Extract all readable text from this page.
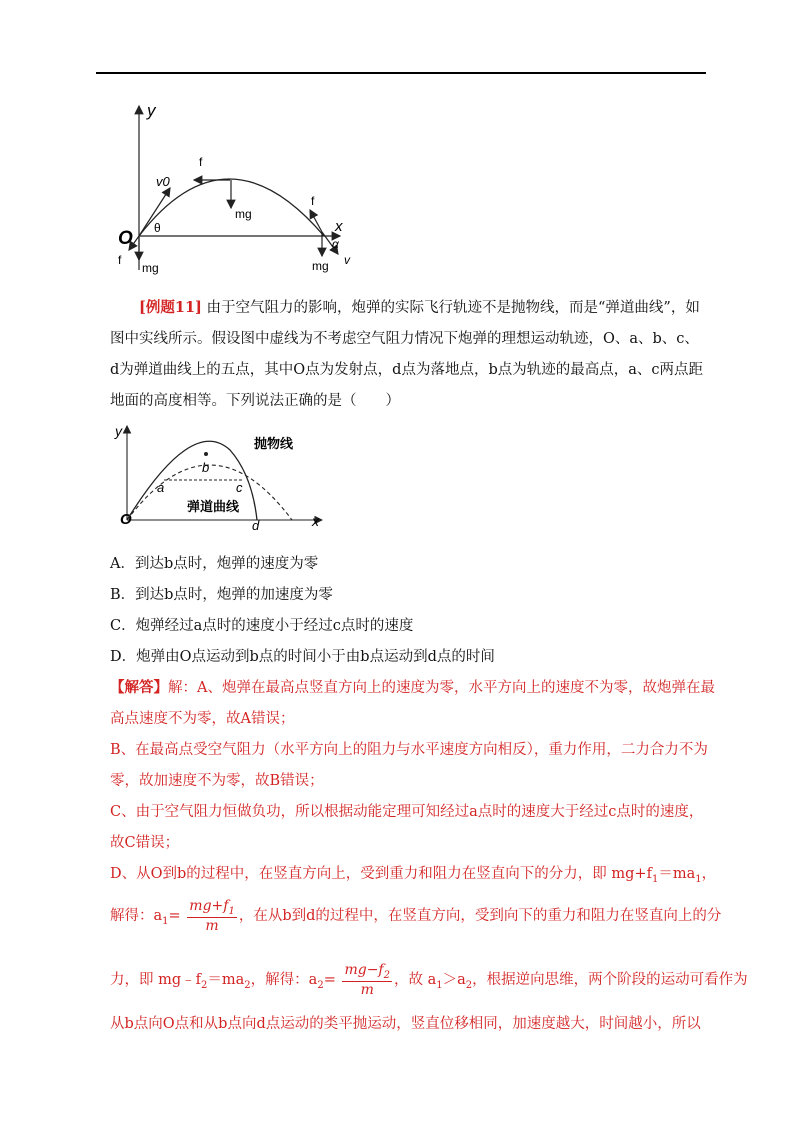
y
x
O
v0
θ
f
mg
f
mg
f
mg v
α
[例题11] 由于空气阻力的影响，炮弹的实际飞行轨迹不是抛物线，而是“弹道曲线”，如图中实线所示。假设图中虚线为不考虑空气阻力情况下炮弹的理想运动轨迹，O、a、b、c、d为弹道曲线上的五点，其中O点为发射点，d点为落地点，b点为轨迹的最高点，a、c两点距地面的高度相等。下列说法正确的是（　　）
y
x
O
b
a	c
d
抛物线
弹道曲线
A．到达b点时，炮弹的速度为零
B．到达b点时，炮弹的加速度为零
C．炮弹经过a点时的速度小于经过c点时的速度
D．炮弹由O点运动到b点的时间小于由b点运动到d点的时间
【解答】解：A、炮弹在最高点竖直方向上的速度为零，水平方向上的速度不为零，故炮弹在最
高点速度不为零，故A错误；
B、在最高点受空气阻力（水平方向上的阻力与水平速度方向相反），重力作用，二力合力不为
零，故加速度不为零，故B错误；
C、由于空气阻力恒做负功，所以根据动能定理可知经过a点时的速度大于经过c点时的速度，
故C错误；
D、从O到b的过程中，在竖直方向上，受到重力和阻力在竖直向下的分力，即 $mg+f_1=ma_1$，
解得：$a_1= \frac{mg+f_1}{m}$ ，在从b到d的过程中，在竖直方向，受到向下的重力和阻力在竖直向上的分
力，即 $mg﹣f_2=ma_2$，解得：$a_2= \frac{mg-f_2}{m}$ ，故 $a_1>a_2$，根据逆向思维，两个阶段的运动可看作为
从b点向O点和从b点向d点运动的类平抛运动，竖直位移相同，加速度越大，时间越小，所以
